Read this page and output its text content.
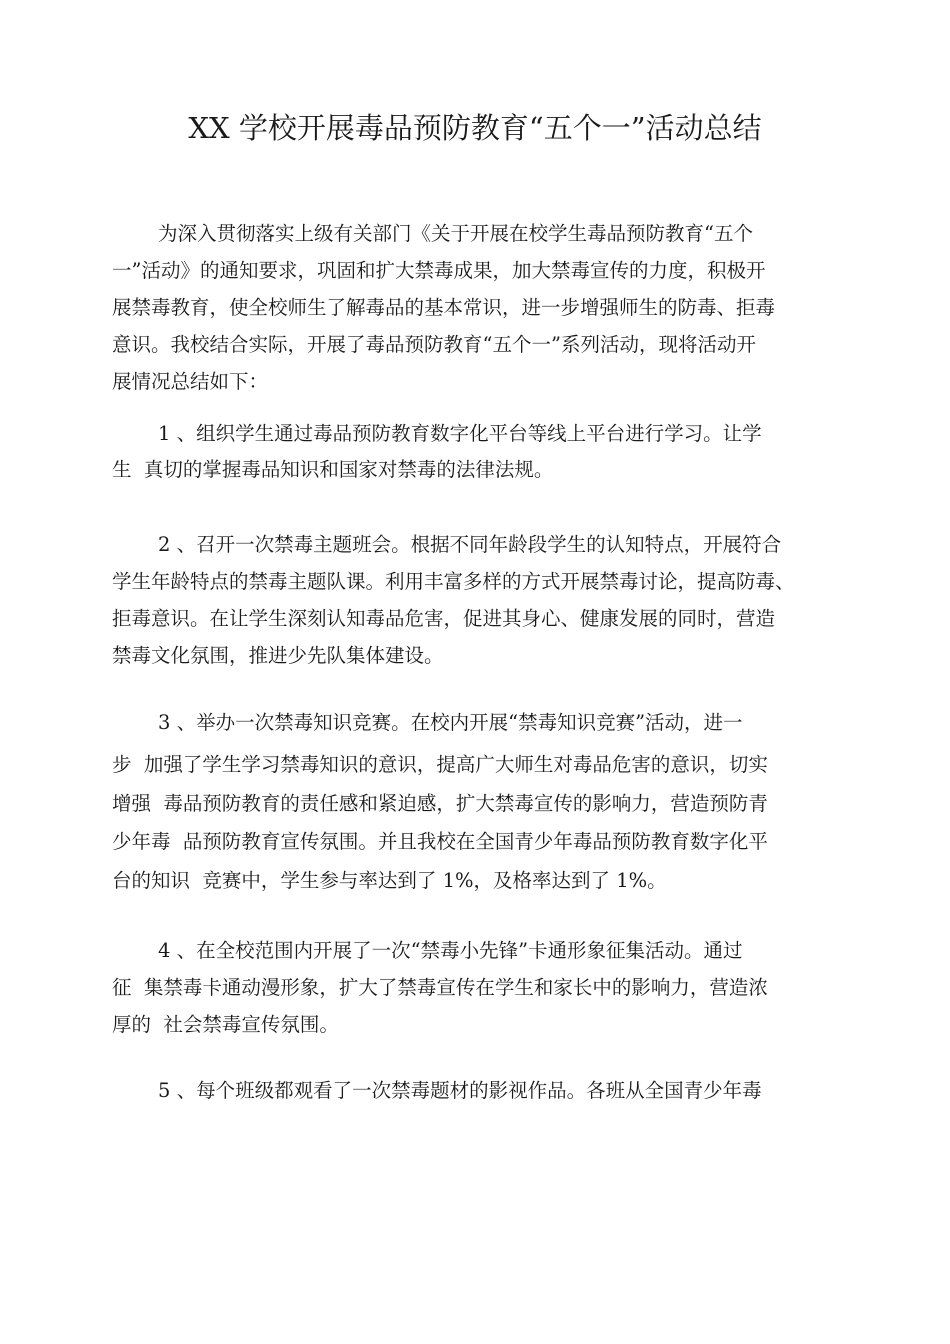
XX 学校开展毒品预防教育“五个一”活动总结
为深入贯彻落实上级有关部门《关于开展在校学生毒品预防教育“五个
一”活动》的通知要求，巩固和扩大禁毒成果，加大禁毒宣传的力度，积极开
展禁毒教育，使全校师生了解毒品的基本常识，进一步增强师生的防毒、拒毒
意识。我校结合实际，开展了毒品预防教育“五个一”系列活动，现将活动开
展情况总结如下：
1 、组织学生通过毒品预防教育数字化平台等线上平台进行学习。让学
生  真切的掌握毒品知识和国家对禁毒的法律法规。
2 、召开一次禁毒主题班会。根据不同年龄段学生的认知特点，开展符合
学生年龄特点的禁毒主题队课。利用丰富多样的方式开展禁毒讨论，提高防毒、
拒毒意识。在让学生深刻认知毒品危害，促进其身心、健康发展的同时，营造
禁毒文化氛围，推进少先队集体建设。
3 、举办一次禁毒知识竞赛。在校内开展“禁毒知识竞赛”活动，进一
步  加强了学生学习禁毒知识的意识，提高广大师生对毒品危害的意识，切实
增强  毒品预防教育的责任感和紧迫感，扩大禁毒宣传的影响力，营造预防青
少年毒  品预防教育宣传氛围。并且我校在全国青少年毒品预防教育数字化平
台的知识  竞赛中，学生参与率达到了 1%，及格率达到了 1%。
4 、在全校范围内开展了一次“禁毒小先锋”卡通形象征集活动。通过
征  集禁毒卡通动漫形象，扩大了禁毒宣传在学生和家长中的影响力，营造浓
厚的  社会禁毒宣传氛围。
5 、每个班级都观看了一次禁毒题材的影视作品。各班从全国青少年毒
